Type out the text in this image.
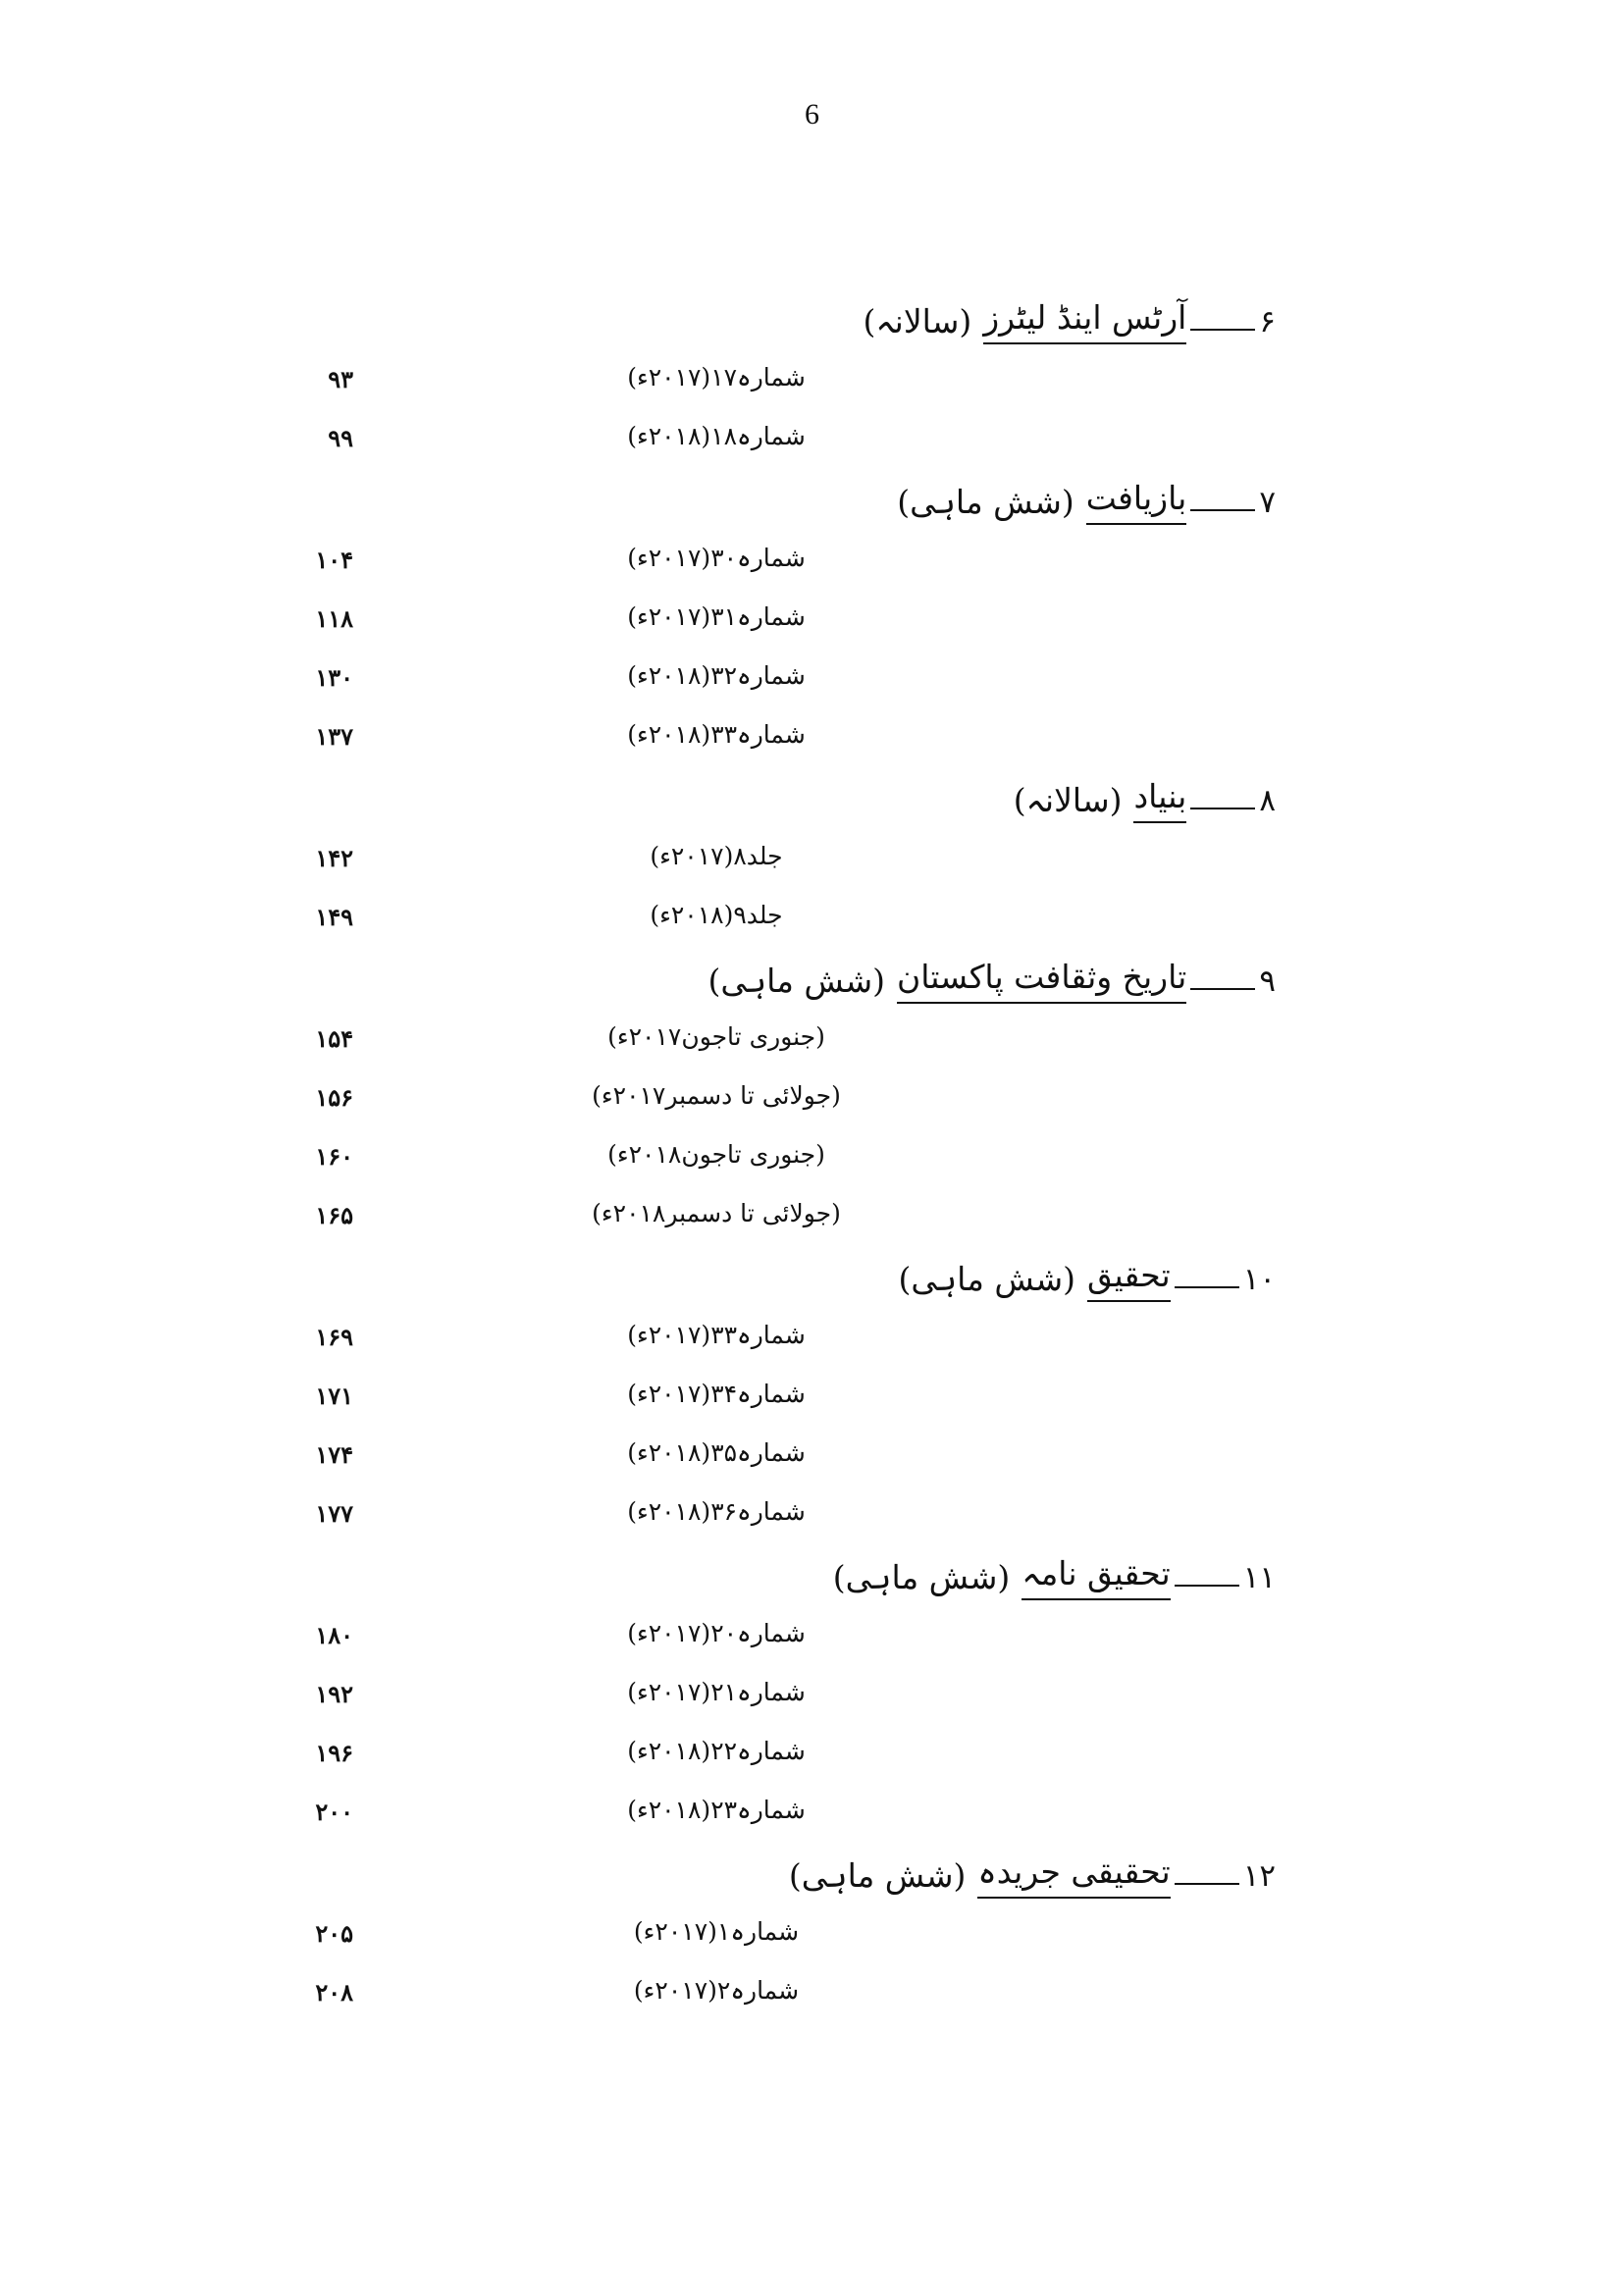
6
۶آرٹس اینڈ لیٹرز(سالانہ)
شمارہ۱۷(۲۰۱۷ء)
۹۳
شمارہ۱۸(۲۰۱۸ء)
۹۹
۷بازیافت(شش ماہی)
شمارہ۳۰(۲۰۱۷ء)
۱۰۴
شمارہ۳۱(۲۰۱۷ء)
۱۱۸
شمارہ۳۲(۲۰۱۸ء)
۱۳۰
شمارہ۳۳(۲۰۱۸ء)
۱۳۷
۸بنیاد(سالانہ)
جلد۸(۲۰۱۷ء)
۱۴۲
جلد۹(۲۰۱۸ء)
۱۴۹
۹تاریخ وثقافت پاکستان(شش ماہی)
(جنوری تاجون۲۰۱۷ء)
۱۵۴
(جولائی تا دسمبر۲۰۱۷ء)
۱۵۶
(جنوری تاجون۲۰۱۸ء)
۱۶۰
(جولائی تا دسمبر۲۰۱۸ء)
۱۶۵
۱۰تحقیق(شش ماہی)
شمارہ۳۳(۲۰۱۷ء)
۱۶۹
شمارہ۳۴(۲۰۱۷ء)
۱۷۱
شمارہ۳۵(۲۰۱۸ء)
۱۷۴
شمارہ۳۶(۲۰۱۸ء)
۱۷۷
۱۱تحقیق نامہ(شش ماہی)
شمارہ۲۰(۲۰۱۷ء)
۱۸۰
شمارہ۲۱(۲۰۱۷ء)
۱۹۲
شمارہ۲۲(۲۰۱۸ء)
۱۹۶
شمارہ۲۳(۲۰۱۸ء)
۲۰۰
۱۲تحقیقی جریدہ(شش ماہی)
شمارہ۱(۲۰۱۷ء)
۲۰۵
شمارہ۲(۲۰۱۷ء)
۲۰۸
